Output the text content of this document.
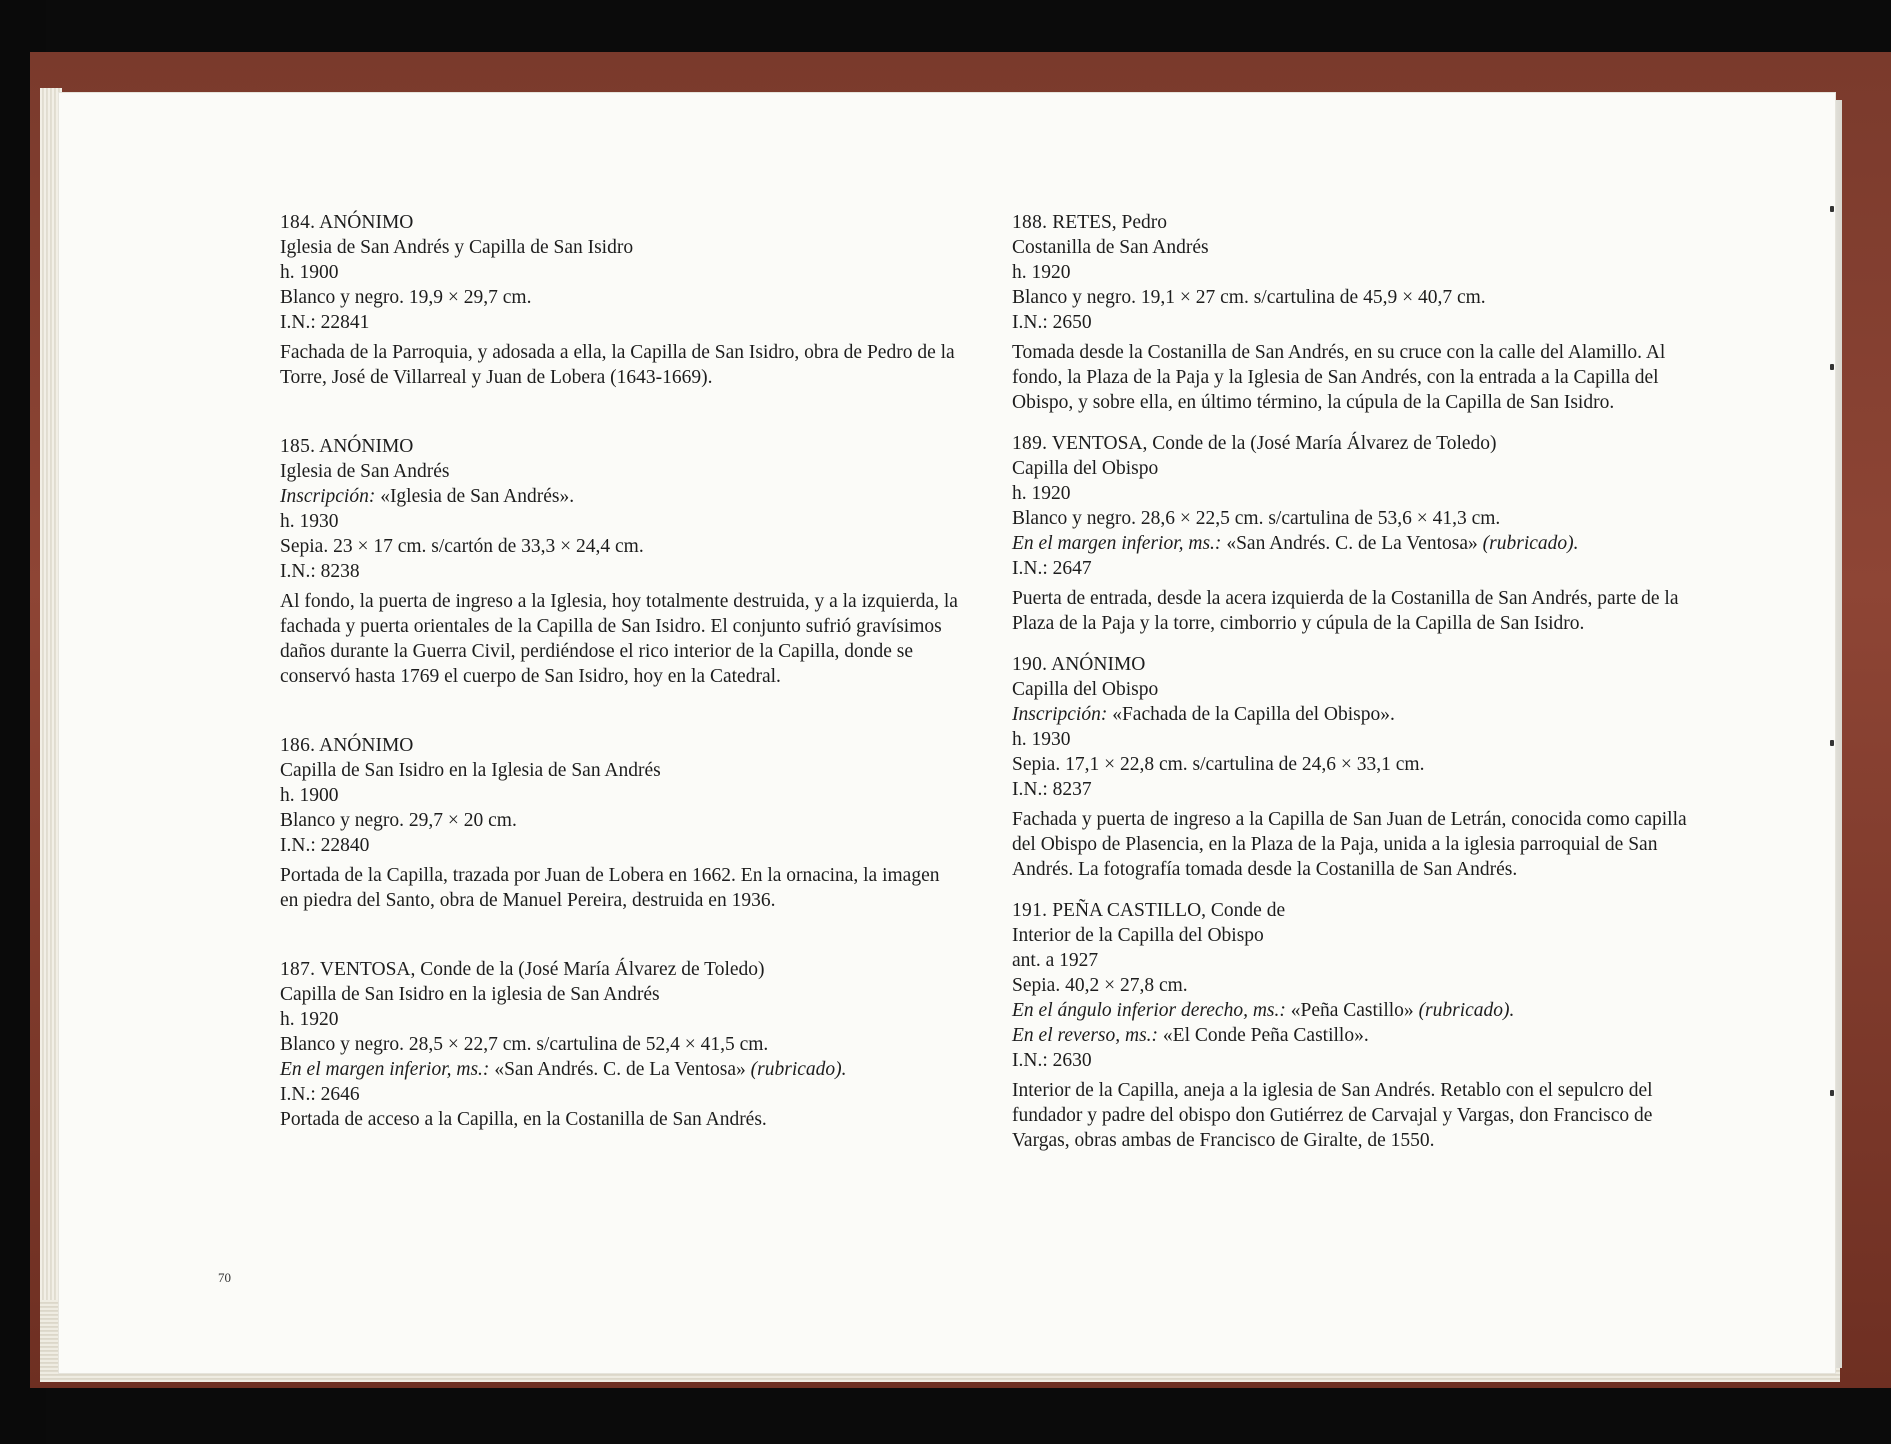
184. ANÓNIMO

Iglesia de San Andrés y Capilla de San Isidro

h. 1900

Blanco y negro. 19,9 × 29,7 cm.

I.N.: 22841

Fachada de la Parroquia, y adosada a ella, la Capilla de San Isidro, obra de Pedro de la Torre, José de Villarreal y Juan de Lobera (1643-1669).

185. ANÓNIMO

Iglesia de San Andrés

Inscripción: «Iglesia de San Andrés».

h. 1930

Sepia. 23 × 17 cm. s/cartón de 33,3 × 24,4 cm.

I.N.: 8238

Al fondo, la puerta de ingreso a la Iglesia, hoy totalmente destruida, y a la izquierda, la fachada y puerta orientales de la Capilla de San Isidro. El conjunto sufrió gravísimos daños durante la Guerra Civil, perdiéndose el rico interior de la Capilla, donde se conservó hasta 1769 el cuerpo de San Isidro, hoy en la Catedral.

186. ANÓNIMO

Capilla de San Isidro en la Iglesia de San Andrés

h. 1900

Blanco y negro. 29,7 × 20 cm.

I.N.: 22840

Portada de la Capilla, trazada por Juan de Lobera en 1662. En la ornacina, la imagen en piedra del Santo, obra de Manuel Pereira, destruida en 1936.

187. VENTOSA, Conde de la (José María Álvarez de Toledo)

Capilla de San Isidro en la iglesia de San Andrés

h. 1920

Blanco y negro. 28,5 × 22,7 cm. s/cartulina de 52,4 × 41,5 cm.

En el margen inferior, ms.: «San Andrés. C. de La Ventosa» (rubricado).

I.N.: 2646

Portada de acceso a la Capilla, en la Costanilla de San Andrés.

188. RETES, Pedro

Costanilla de San Andrés

h. 1920

Blanco y negro. 19,1 × 27 cm. s/cartulina de 45,9 × 40,7 cm.

I.N.: 2650

Tomada desde la Costanilla de San Andrés, en su cruce con la calle del Alamillo. Al fondo, la Plaza de la Paja y la Iglesia de San Andrés, con la entrada a la Capilla del Obispo, y sobre ella, en último término, la cúpula de la Capilla de San Isidro.

189. VENTOSA, Conde de la (José María Álvarez de Toledo)

Capilla del Obispo

h. 1920

Blanco y negro. 28,6 × 22,5 cm. s/cartulina de 53,6 × 41,3 cm.

En el margen inferior, ms.: «San Andrés. C. de La Ventosa» (rubricado).

I.N.: 2647

Puerta de entrada, desde la acera izquierda de la Costanilla de San Andrés, parte de la Plaza de la Paja y la torre, cimborrio y cúpula de la Capilla de San Isidro.

190. ANÓNIMO

Capilla del Obispo

Inscripción: «Fachada de la Capilla del Obispo».

h. 1930

Sepia. 17,1 × 22,8 cm. s/cartulina de 24,6 × 33,1 cm.

I.N.: 8237

Fachada y puerta de ingreso a la Capilla de San Juan de Letrán, conocida como capilla del Obispo de Plasencia, en la Plaza de la Paja, unida a la iglesia parroquial de San Andrés. La fotografía tomada desde la Costanilla de San Andrés.

191. PEÑA CASTILLO, Conde de

Interior de la Capilla del Obispo

ant. a 1927

Sepia. 40,2 × 27,8 cm.

En el ángulo inferior derecho, ms.: «Peña Castillo» (rubricado).

En el reverso, ms.: «El Conde Peña Castillo».

I.N.: 2630

Interior de la Capilla, aneja a la iglesia de San Andrés. Retablo con el sepulcro del fundador y padre del obispo don Gutiérrez de Carvajal y Vargas, don Francisco de Vargas, obras ambas de Francisco de Giralte, de 1550.

70
